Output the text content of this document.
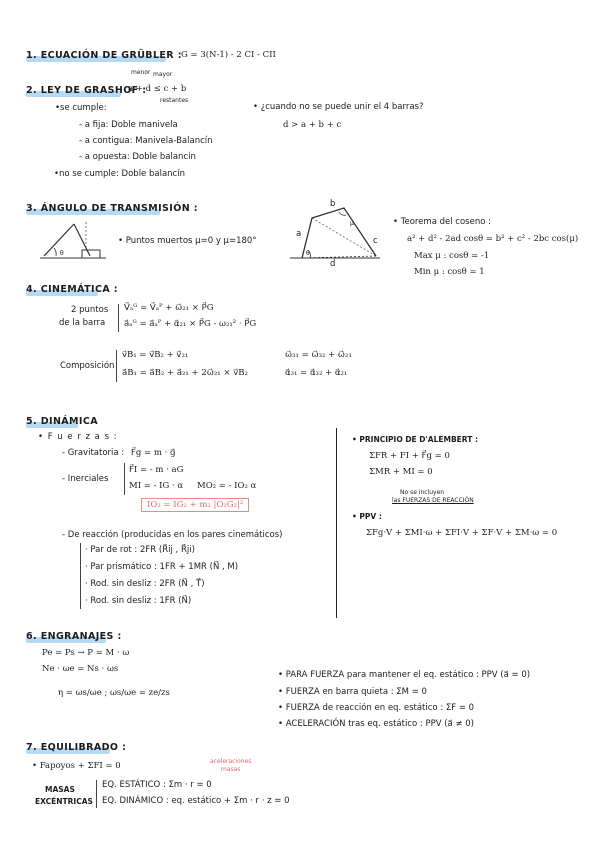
1. ECUACIÓN DE GRÜBLER : G = 3(N-1) - 2 CI - CII
2. LEY DE GRASHOF :
menor mayor
a + d ≤ c + b
restantes
•se cumple:
- a fija: Doble manivela
- a contigua: Manivela-Balancín
- a opuesta: Doble balancín
•no se cumple: Doble balancín
• ¿cuando no se puede unir el 4 barras?
d > a + b + c
3. ÁNGULO DE TRANSMISIÓN :
θ
• Puntos muertos μ=0 y μ=180°
a
b
c
d
μ
θ
• Teorema del coseno :
a² + d² - 2ad cosθ = b² + c² - 2bc cos(μ)
Max μ : cosθ = -1
Min μ : cosθ = 1
4. CINEMÁTICA :
2 puntos
de la barra
V⃗ₐᴳ = V⃗ₐᴾ + ω⃗₂₁ × P⃗G
a⃗ₐᴳ = a⃗ₐᴾ + α⃗₂₁ × P⃗G - ω₂₁² · P⃗G
Composición
v⃗B₁ = v⃗B₂ + v⃗₂₁
a⃗B₁ = a⃗B₂ + a⃗₂₁ + 2ω⃗₂₁ × v⃗B₂
ω⃗₃₁ = ω⃗₃₂ + ω⃗₂₁
α⃗₃₁ = α⃗₃₂ + α⃗₂₁
5. DINÁMICA
• F u e r z a s :
- Gravitatoria : F⃗g = m · g⃗
- Inerciales
F⃗I = - m · aG
MI = - IG · α MO₂ = - IO₂ α
IO₂ = IG₂ + m₂ |O₂G₂|²
- De reacción (producidas en los pares cinemáticos)
· Par de rot : 2FR (R⃗ij , R⃗ji)
· Par prismático : 1FR + 1MR (N⃗ , M)
· Rod. sin desliz : 2FR (N⃗ , T⃗)
· Rod. sin desliz : 1FR (N⃗)
• PRINCIPIO DE D'ALEMBERT :
ΣFR + FI + F⃗g = 0
ΣMR + MI = 0
No se incluyen
las FUERZAS DE REACCIÓN
• PPV :
ΣFg·V + ΣMI·ω + ΣFI·V + ΣF·V + ΣM·ω = 0
6. ENGRANAJES :
Pe = Ps → P = M · ω
Ne · ωe = Ns · ωs
η = ωs/ωe ; ωs/ωe = ze/zs
• PARA FUERZA para mantener el eq. estático : PPV (a⃗ = 0)
• FUERZA en barra quieta : ΣM = 0
• FUERZA de reacción en eq. estático : ΣF = 0
• ACELERACIÓN tras eq. estático : PPV (a⃗ ≠ 0)
7. EQUILIBRADO :
aceleraciones
masas
• Fapoyos + ΣFI = 0
MASAS
EXCÉNTRICAS
EQ. ESTÁTICO : Σm · r = 0
EQ. DINÁMICO : eq. estático + Σm · r · z = 0
